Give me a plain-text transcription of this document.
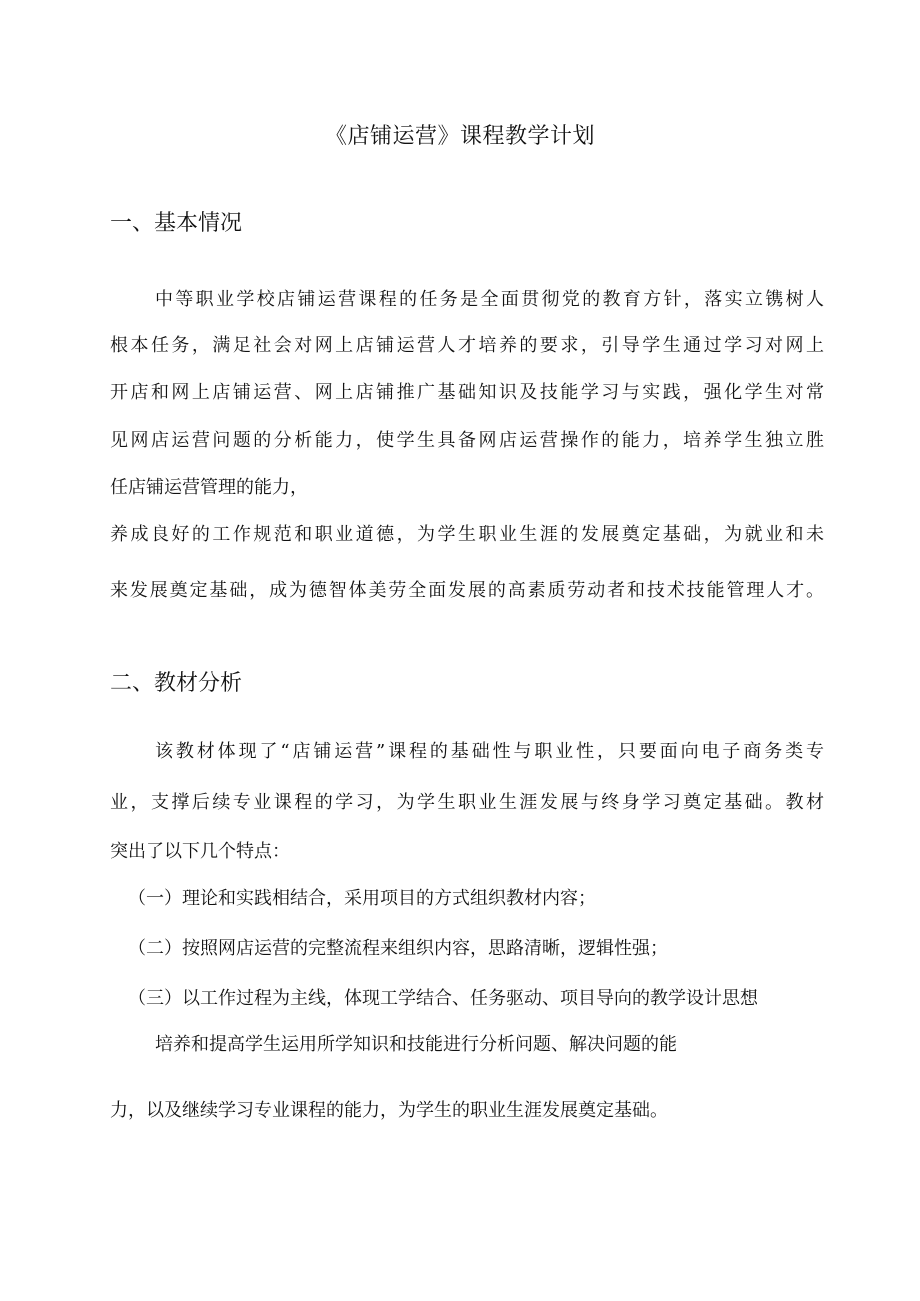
《店铺运营》课程教学计划
一、基本情况
中等职业学校店铺运营课程的任务是全面贯彻党的教育方针，落实立镌树人
根本任务，满足社会对网上店铺运营人才培养的要求，引导学生通过学习对网上
开店和网上店铺运营、网上店铺推广基础知识及技能学习与实践，强化学生对常
见网店运营问题的分析能力，使学生具备网店运营操作的能力，培养学生独立胜
任店铺运营管理的能力，
养成良好的工作规范和职业道德，为学生职业生涯的发展奠定基础，为就业和未
来发展奠定基础，成为德智体美劳全面发展的高素质劳动者和技术技能管理人才。
二、教材分析
该教材体现了“店铺运营”课程的基础性与职业性，只要面向电子商务类专
业，支撑后续专业课程的学习，为学生职业生涯发展与终身学习奠定基础。教材
突出了以下几个特点：
（一）理论和实践相结合，采用项目的方式组织教材内容；
（二）按照网店运营的完整流程来组织内容，思路清晰，逻辑性强；
（三）以工作过程为主线，体现工学结合、任务驱动、项目导向的教学设计思想
培养和提高学生运用所学知识和技能进行分析问题、解决问题的能
力，以及继续学习专业课程的能力，为学生的职业生涯发展奠定基础。
